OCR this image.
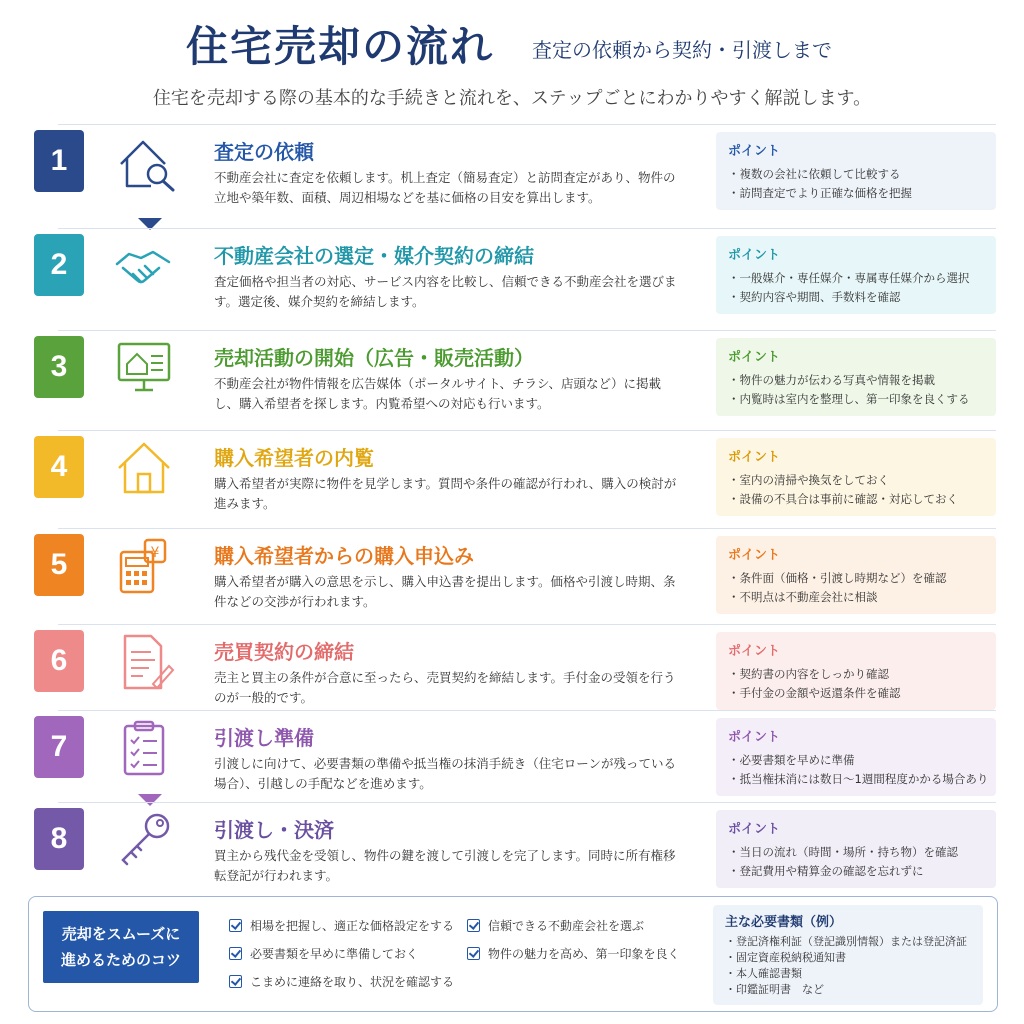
住宅売却の流れ 査定の依頼から契約・引渡しまで
住宅を売却する際の基本的な手続きと流れを、ステップごとにわかりやすく解説します。
1	査定の依頼
不動産会社に査定を依頼します。机上査定（簡易査定）と訪問査定があり、物件の立地や築年数、面積、周辺相場などを基に価格の目安を算出します。
ポイント
・複数の会社に依頼して比較する
・訪問査定でより正確な価格を把握
2	不動産会社の選定・媒介契約の締結
査定価格や担当者の対応、サービス内容を比較し、信頼できる不動産会社を選びます。選定後、媒介契約を締結します。
ポイント
・一般媒介・専任媒介・専属専任媒介から選択
・契約内容や期間、手数料を確認
3	売却活動の開始（広告・販売活動）
不動産会社が物件情報を広告媒体（ポータルサイト、チラシ、店頭など）に掲載し、購入希望者を探します。内覧希望への対応も行います。
ポイント
・物件の魅力が伝わる写真や情報を掲載
・内覧時は室内を整理し、第一印象を良くする
4	購入希望者の内覧
購入希望者が実際に物件を見学します。質問や条件の確認が行われ、購入の検討が進みます。
ポイント
・室内の清掃や換気をしておく
・設備の不具合は事前に確認・対応しておく
5	¥	購入希望者からの購入申込み
購入希望者が購入の意思を示し、購入申込書を提出します。価格や引渡し時期、条件などの交渉が行われます。
ポイント
・条件面（価格・引渡し時期など）を確認
・不明点は不動産会社に相談
6	売買契約の締結
売主と買主の条件が合意に至ったら、売買契約を締結します。手付金の受領を行うのが一般的です。
ポイント
・契約書の内容をしっかり確認
・手付金の金額や返還条件を確認
7	引渡し準備
引渡しに向けて、必要書類の準備や抵当権の抹消手続き（住宅ローンが残っている場合）、引越しの手配などを進めます。
ポイント
・必要書類を早めに準備
・抵当権抹消には数日〜1週間程度かかる場合あり
8	引渡し・決済
買主から残代金を受領し、物件の鍵を渡して引渡しを完了します。同時に所有権移転登記が行われます。
ポイント
・当日の流れ（時間・場所・持ち物）を確認
・登記費用や精算金の確認を忘れずに
売却をスムーズに進めるためのコツ
相場を把握し、適正な価格設定をする	信頼できる不動産会社を選ぶ
必要書類を早めに準備しておく	物件の魅力を高め、第一印象を良く
こまめに連絡を取り、状況を確認する
主な必要書類（例）
・登記済権利証（登記識別情報）または登記済証
・固定資産税納税通知書
・本人確認書類
・印鑑証明書　など
